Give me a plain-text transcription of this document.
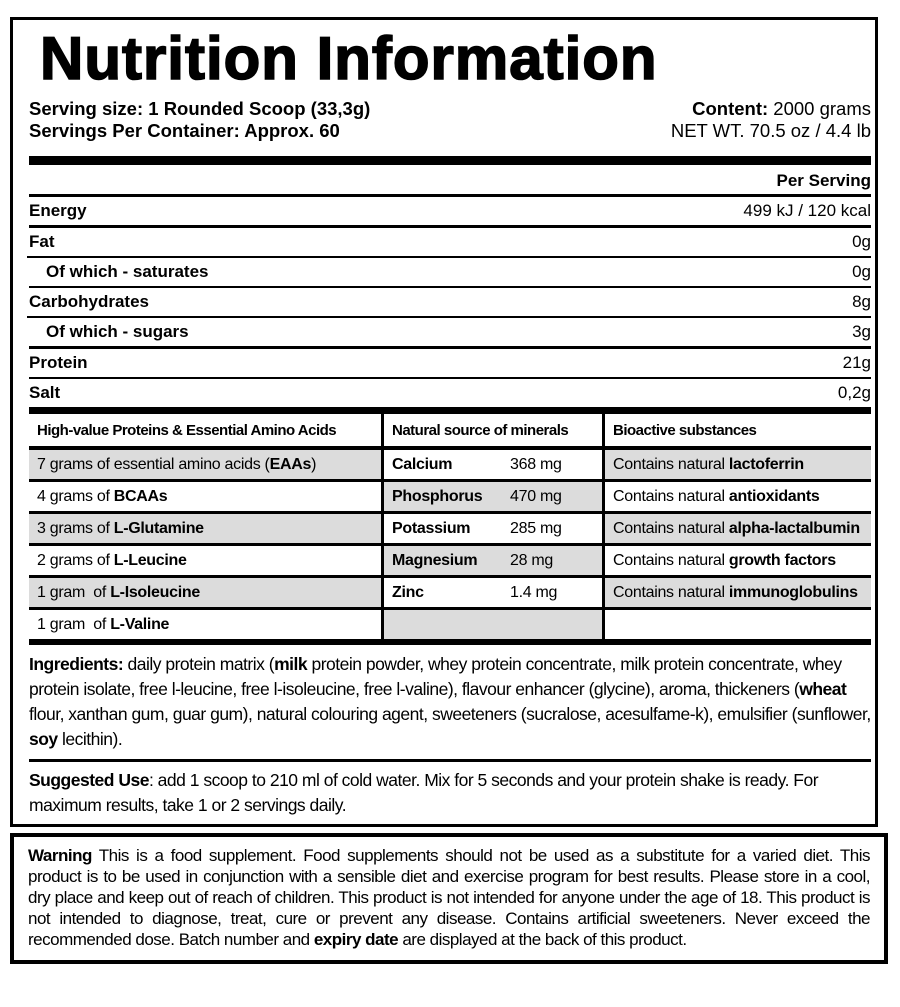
Nutrition Information
Serving size: 1 Rounded Scoop (33,3g)
Servings Per Container: Approx. 60
Content: 2000 grams
NET WT. 70.5 oz / 4.4 lb
Per Serving
Energy	499 kJ / 120 kcal
Fat	0g
Of which - saturates	0g
Carbohydrates	8g
Of which - sugars	3g
Protein	21g
Salt	0,2g
High-value Proteins & Essential Amino Acids	Natural source of minerals	Bioactive substances
7 grams of essential amino acids (EAAs)	Calcium	368 mg	Contains natural lactoferrin
4 grams of BCAAs	Phosphorus 470 mg	Contains natural antioxidants
3 grams of L-Glutamine	Potassium 285 mg	Contains natural alpha-lactalbumin
2 grams of L-Leucine	Magnesium 28 mg	Contains natural growth factors
1 gram  of L-Isoleucine	Zinc	1.4 mg	Contains natural immunoglobulins
1 gram  of L-Valine

Ingredients: daily protein matrix (milk protein powder, whey protein concentrate, milk protein concentrate, whey protein isolate, free l-leucine, free l-isoleucine, free l-valine), flavour enhancer (glycine), aroma, thickeners (wheat flour, xanthan gum, guar gum), natural colouring agent, sweeteners (sucralose, acesulfame-k), emulsifier (sunflower, soy lecithin).

Suggested Use: add 1 scoop to 210 ml of cold water. Mix for 5 seconds and your protein shake is ready. For maximum results, take 1 or 2 servings daily.

Warning This is a food supplement. Food supplements should not be used as a substitute for a varied diet. This product is to be used in conjunction with a sensible diet and exercise program for best results. Please store in a cool, dry place and keep out of reach of children. This product is not intended for anyone under the age of 18. This product is not intended to diagnose, treat, cure or prevent any disease. Contains artificial sweeteners. Never exceed the recommended dose. Batch number and expiry date are displayed at the back of this product.
